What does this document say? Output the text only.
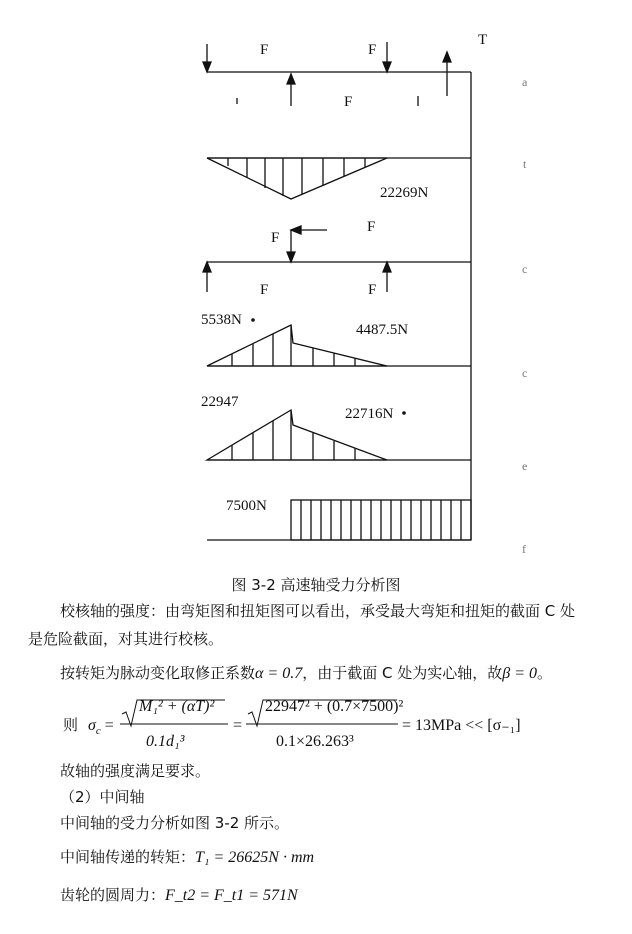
F	F
T
F
22269N
F
F
F	F
5538N
4487.5N
22947
22716N
7500N
a
t
c
c
e
f
图 3-2 高速轴受力分析图
校核轴的强度：由弯矩图和扭矩图可以看出，承受最大弯矩和扭矩的截面 C 处
是危险截面，对其进行校核。
按转矩为脉动变化取修正系数α = 0.7，由于截面 C 处为实心轴，故β = 0。
则 $\sigma_c$ =
M₁² + (αT)²
0.1d₁³
=
22947² + (0.7×7500)²
0.1×26.263³
= 13MPa << [σ₋₁]
故轴的强度满足要求。
（2）中间轴
中间轴的受力分析如图 3-2 所示。
中间轴传递的转矩：T₁ = 26625N · mm
齿轮的圆周力：F_t2 = F_t1 = 571N
